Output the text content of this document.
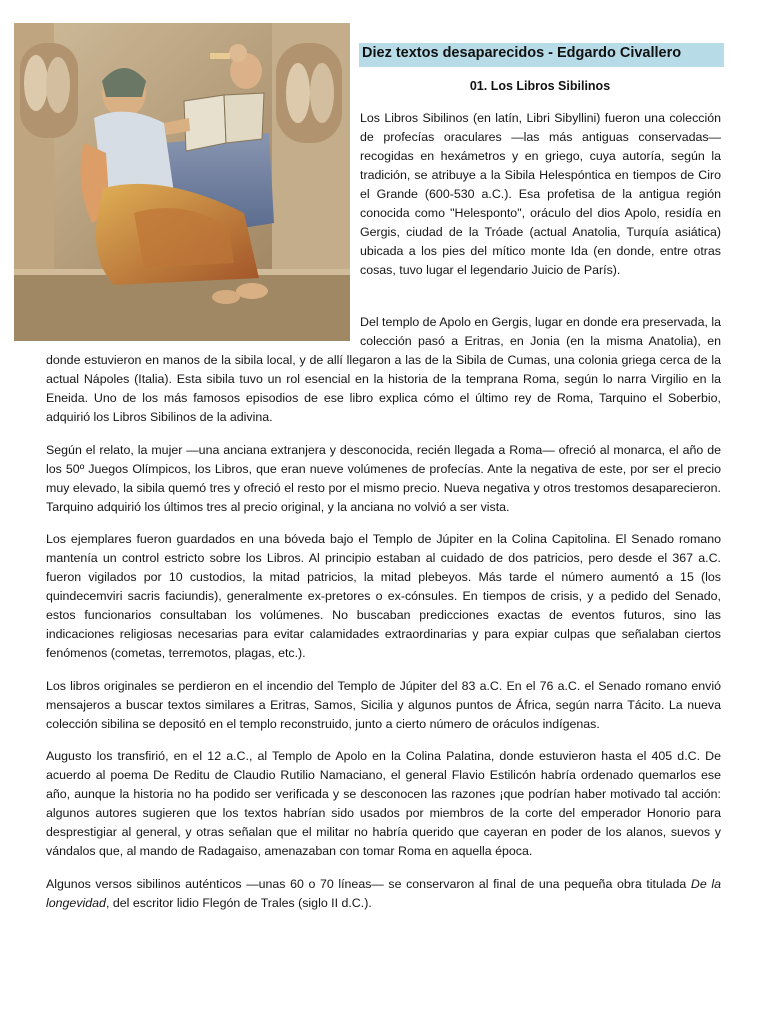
Diez textos desaparecidos - Edgardo Civallero
01. Los Libros Sibilinos

Los Libros Sibilinos (en latín, Libri Sibyllini) fueron una colección de profecías oraculares —las más antiguas conservadas— recogidas en hexámetros y en griego, cuya autoría, según la tradición, se atribuye a la Sibila Helespóntica en tiempos de Ciro el Grande (600-530 a.C.). Esa profetisa de la antigua región conocida como "Helesponto", oráculo del dios Apolo, residía en Gergis, ciudad de la Tróade (actual Anatolia, Turquía asiática) ubicada a los pies del mítico monte Ida (en donde, entre otras cosas, tuvo lugar el legendario Juicio de París).

Del templo de Apolo en Gergis, lugar en donde era preservada, la colección pasó a Eritras, en Jonia (en la misma Anatolia), en

donde estuvieron en manos de la sibila local, y de allí llegaron a las de la Sibila de Cumas, una colonia griega cerca de la actual Nápoles (Italia). Esta sibila tuvo un rol esencial en la historia de la temprana Roma, según lo narra Virgilio en la Eneida. Uno de los más famosos episodios de ese libro explica cómo el último rey de Roma, Tarquino el Soberbio, adquirió los Libros Sibilinos de la adivina.

Según el relato, la mujer —una anciana extranjera y desconocida, recién llegada a Roma— ofreció al monarca, el año de los 50º Juegos Olímpicos, los Libros, que eran nueve volúmenes de profecías. Ante la negativa de este, por ser el precio muy elevado, la sibila quemó tres y ofreció el resto por el mismo precio. Nueva negativa y otros trestomos desaparecieron. Tarquino adquirió los últimos tres al precio original, y la anciana no volvió a ser vista.

Los ejemplares fueron guardados en una bóveda bajo el Templo de Júpiter en la Colina Capitolina. El Senado romano mantenía un control estricto sobre los Libros. Al principio estaban al cuidado de dos patricios, pero desde el 367 a.C. fueron vigilados por 10 custodios, la mitad patricios, la mitad plebeyos. Más tarde el número aumentó a 15 (los quindecemviri sacris faciundis), generalmente ex-pretores o ex-cónsules. En tiempos de crisis, y a pedido del Senado, estos funcionarios consultaban los volúmenes. No buscaban predicciones exactas de eventos futuros, sino las indicaciones religiosas necesarias para evitar calamidades extraordinarias y para expiar culpas que señalaban ciertos fenómenos (cometas, terremotos, plagas, etc.).

Los libros originales se perdieron en el incendio del Templo de Júpiter del 83 a.C. En el 76 a.C. el Senado romano envió mensajeros a buscar textos similares a Eritras, Samos, Sicilia y algunos puntos de África, según narra Tácito. La nueva colección sibilina se depositó en el templo reconstruido, junto a cierto número de oráculos indígenas.

Augusto los transfirió, en el 12 a.C., al Templo de Apolo en la Colina Palatina, donde estuvieron hasta el 405 d.C. De acuerdo al poema De Reditu de Claudio Rutilio Namaciano, el general Flavio Estilicón habría ordenado quemarlos ese año, aunque la historia no ha podido ser verificada y se desconocen las razones ¡que podrían haber motivado tal acción: algunos autores sugieren que los textos habrían sido usados por miembros de la corte del emperador Honorio para desprestigiar al general, y otras señalan que el militar no habría querido que cayeran en poder de los alanos, suevos y vándalos que, al mando de Radagaiso, amenazaban con tomar Roma en aquella época.

Algunos versos sibilinos auténticos —unas 60 o 70 líneas— se conservaron al final de una pequeña obra titulada De la longevidad, del escritor lidio Flegón de Trales (siglo II d.C.).
